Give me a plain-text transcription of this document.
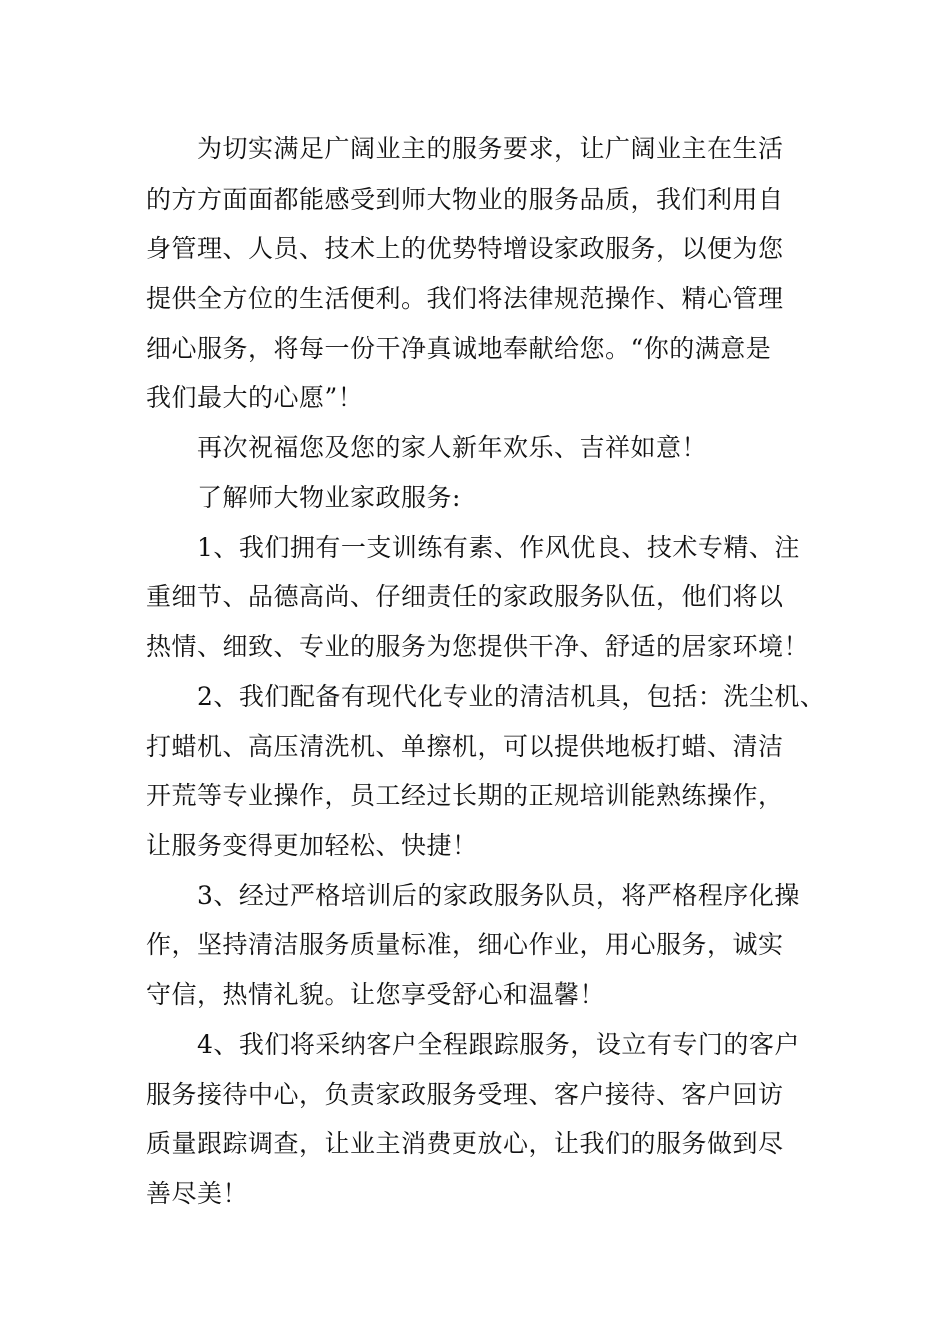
为切实满足广阔业主的服务要求，让广阔业主在生活
的方方面面都能感受到师大物业的服务品质，我们利用自
身管理、人员、技术上的优势特增设家政服务，以便为您
提供全方位的生活便利。我们将法律规范操作、精心管理
细心服务，将每一份干净真诚地奉献给您。“你的满意是
我们最大的心愿”！
再次祝福您及您的家人新年欢乐、吉祥如意！
了解师大物业家政服务:
1、我们拥有一支训练有素、作风优良、技术专精、注
重细节、品德高尚、仔细责任的家政服务队伍，他们将以
热情、细致、专业的服务为您提供干净、舒适的居家环境！
2、我们配备有现代化专业的清洁机具，包括：洗尘机、
打蜡机、高压清洗机、单擦机，可以提供地板打蜡、清洁
开荒等专业操作，员工经过长期的正规培训能熟练操作，
让服务变得更加轻松、快捷！
3、经过严格培训后的家政服务队员，将严格程序化操
作，坚持清洁服务质量标准，细心作业，用心服务，诚实
守信，热情礼貌。让您享受舒心和温馨！
4、我们将采纳客户全程跟踪服务，设立有专门的客户
服务接待中心，负责家政服务受理、客户接待、客户回访
质量跟踪调查，让业主消费更放心，让我们的服务做到尽
善尽美！
